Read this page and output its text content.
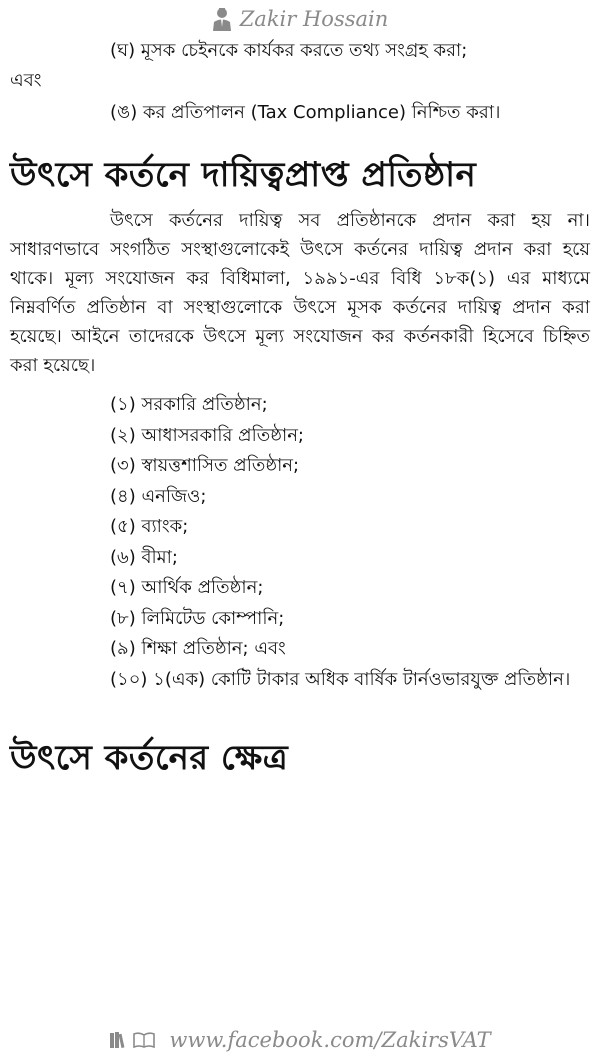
Zakir Hossain

(ঘ) মূসক চেইনকে কার্যকর করতে তথ্য সংগ্রহ করা;

এবং

(ঙ) কর প্রতিপালন (Tax Compliance) নিশ্চিত করা।

উৎসে কর্তনে দায়িত্বপ্রাপ্ত প্রতিষ্ঠান

উৎসে কর্তনের দায়িত্ব সব প্রতিষ্ঠানকে প্রদান করা হয় না। সাধারণভাবে সংগঠিত সংস্থাগুলোকেই উৎসে কর্তনের দায়িত্ব প্রদান করা হয়ে থাকে। মূল্য সংযোজন কর বিধিমালা, ১৯৯১-এর বিধি ১৮ক(১) এর মাধ্যমে নিম্নবর্ণিত প্রতিষ্ঠান বা সংস্থাগুলোকে উৎসে মূসক কর্তনের দায়িত্ব প্রদান করা হয়েছে। আইনে তাদেরকে উৎসে মূল্য সংযোজন কর কর্তনকারী হিসেবে চিহ্নিত করা হয়েছে।

(১) সরকারি প্রতিষ্ঠান;
(২) আধাসরকারি প্রতিষ্ঠান;
(৩) স্বায়ত্তশাসিত প্রতিষ্ঠান;
(৪) এনজিও;
(৫) ব্যাংক;
(৬) বীমা;
(৭) আর্থিক প্রতিষ্ঠান;
(৮) লিমিটেড কোম্পানি;
(৯) শিক্ষা প্রতিষ্ঠান; এবং

(১০) ১(এক) কোটি টাকার অধিক বার্ষিক টার্নওভারযুক্ত প্রতিষ্ঠান।

উৎসে কর্তনের ক্ষেত্র
www.facebook.com/ZakirsVAT
